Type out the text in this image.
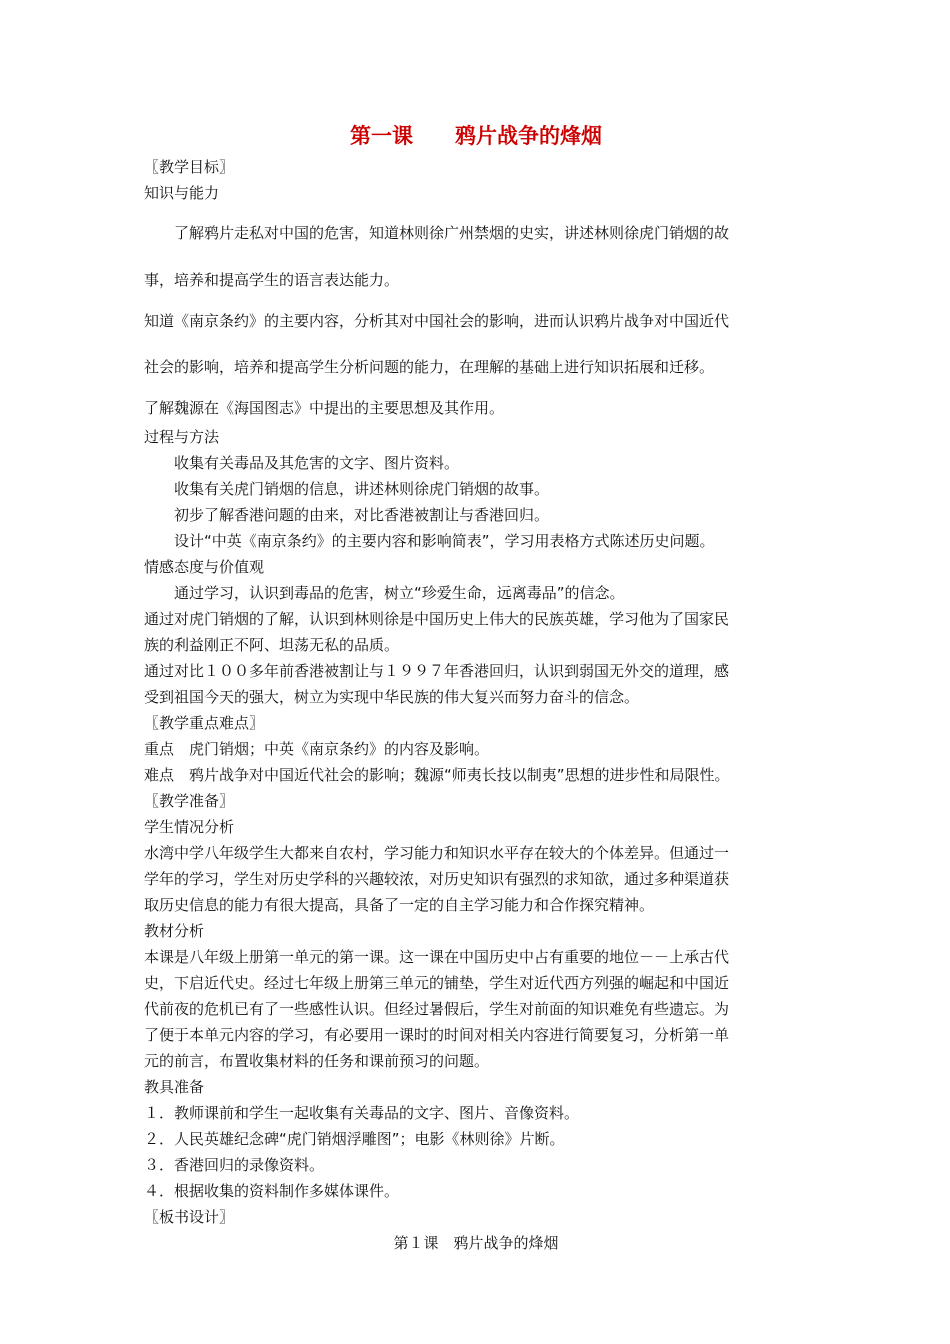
第一课　　鸦片战争的烽烟

〖教学目标〗

知识与能力

了解鸦片走私对中国的危害，知道林则徐广州禁烟的史实，讲述林则徐虎门销烟的故

事，培养和提高学生的语言表达能力。

知道《南京条约》的主要内容，分析其对中国社会的影响，进而认识鸦片战争对中国近代

社会的影响，培养和提高学生分析问题的能力，在理解的基础上进行知识拓展和迁移。

了解魏源在《海国图志》中提出的主要思想及其作用。

过程与方法

收集有关毒品及其危害的文字、图片资料。

收集有关虎门销烟的信息，讲述林则徐虎门销烟的故事。

初步了解香港问题的由来，对比香港被割让与香港回归。

设计“中英《南京条约》的主要内容和影响简表”，学习用表格方式陈述历史问题。

情感态度与价值观

通过学习，认识到毒品的危害，树立“珍爱生命，远离毒品”的信念。

通过对虎门销烟的了解，认识到林则徐是中国历史上伟大的民族英雄，学习他为了国家民

族的利益刚正不阿、坦荡无私的品质。

通过对比１００多年前香港被割让与１９９７年香港回归，认识到弱国无外交的道理，感

受到祖国今天的强大，树立为实现中华民族的伟大复兴而努力奋斗的信念。

〖教学重点难点〗

重点　虎门销烟；中英《南京条约》的内容及影响。

难点　鸦片战争对中国近代社会的影响；魏源“师夷长技以制夷”思想的进步性和局限性。

〖教学准备〗

学生情况分析

水湾中学八年级学生大都来自农村，学习能力和知识水平存在较大的个体差异。但通过一

学年的学习，学生对历史学科的兴趣较浓，对历史知识有强烈的求知欲，通过多种渠道获

取历史信息的能力有很大提高，具备了一定的自主学习能力和合作探究精神。

教材分析

本课是八年级上册第一单元的第一课。这一课在中国历史中占有重要的地位－－上承古代

史，下启近代史。经过七年级上册第三单元的铺垫，学生对近代西方列强的崛起和中国近

代前夜的危机已有了一些感性认识。但经过暑假后，学生对前面的知识难免有些遗忘。为

了便于本单元内容的学习，有必要用一课时的时间对相关内容进行简要复习，分析第一单

元的前言，布置收集材料的任务和课前预习的问题。

教具准备

１．教师课前和学生一起收集有关毒品的文字、图片、音像资料。

２．人民英雄纪念碑“虎门销烟浮雕图”；电影《林则徐》片断。

３．香港回归的录像资料。

４．根据收集的资料制作多媒体课件。

〖板书设计〗

第１课　鸦片战争的烽烟
